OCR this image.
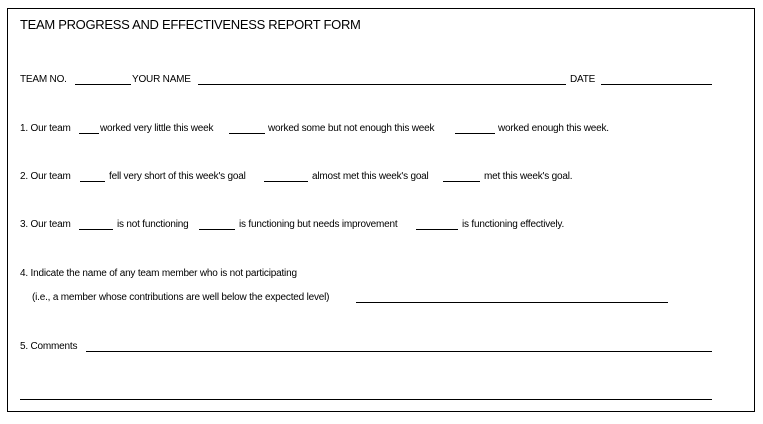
TEAM PROGRESS AND EFFECTIVENESS REPORT FORM
TEAM NO.	YOUR NAME	DATE
1. Our team	worked very little this week	worked some but not enough this week	worked enough this week.
2. Our team	fell very short of this week's goal	almost met this week's goal	met this week's goal.
3. Our team	is not functioning	is functioning but needs improvement	is functioning effectively.
4. Indicate the name of any team member who is not participating
(i.e., a member whose contributions are well below the expected level)
5. Comments
